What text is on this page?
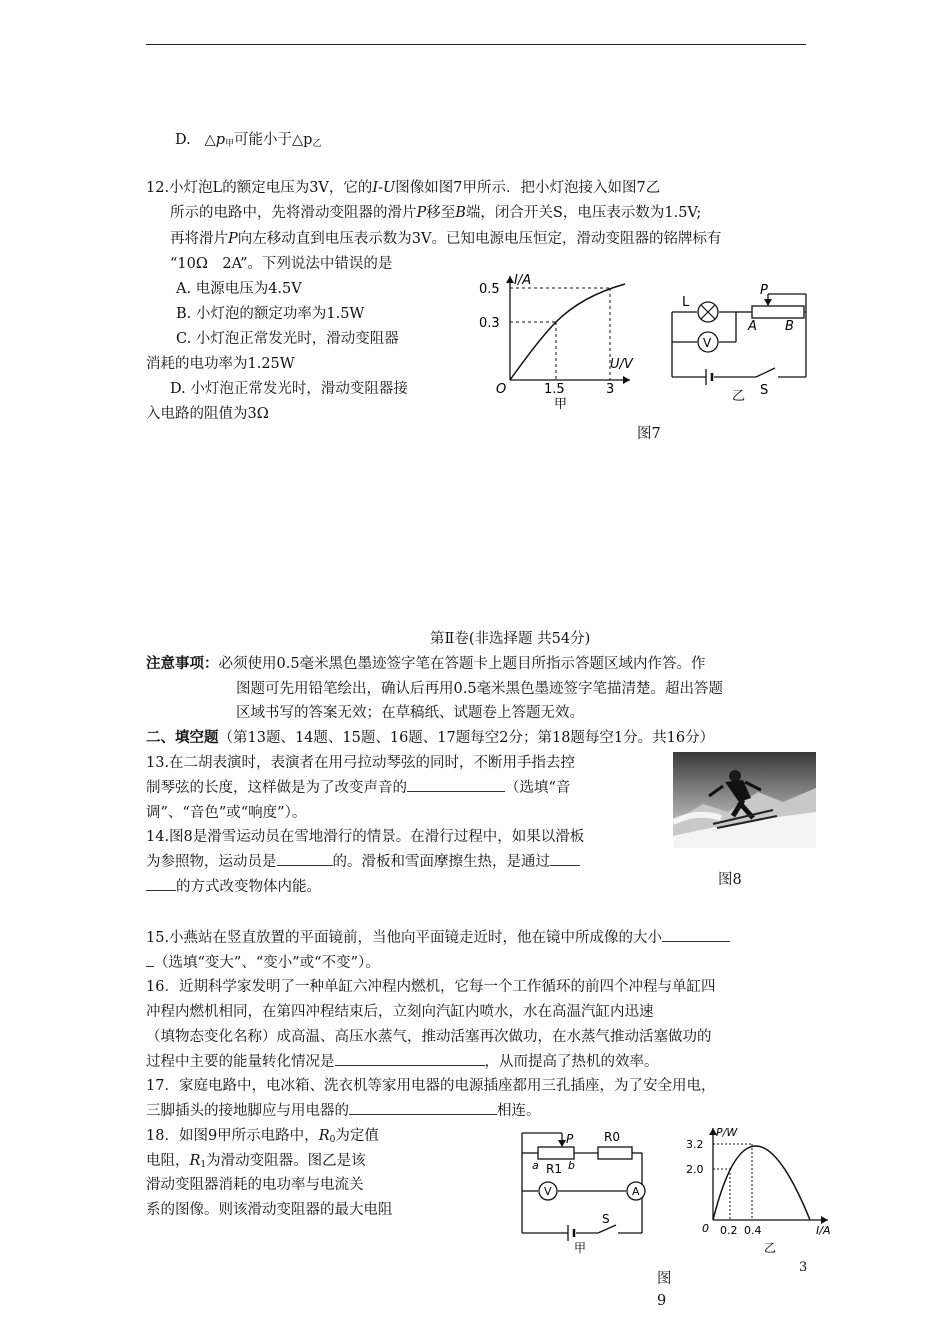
D. $\triangle p_甲$可能小于$\triangle p_乙$
12.小灯泡L的额定电压为3V，它的I-U图像如图7甲所示．把小灯泡接入如图7乙
所示的电路中，先将滑动变阻器的滑片P移至B端，闭合开关S，电压表示数为1.5V;
再将滑片P向左移动直到电压表示数为3V。已知电源电压恒定，滑动变阻器的铭牌标有
“10Ω　2A”。下列说法中错误的是
A. 电源电压为4.5V
B. 小灯泡的额定功率为1.5W
C. 小灯泡正常发光时，滑动变阻器
消耗的电功率为1.25W
D. 小灯泡正常发光时，滑动变阻器接
入电路的阻值为3Ω
I/A
U/V
O
0.5
0.3
1.5	3
甲
V
L
P
A B
S
乙
图7
第Ⅱ卷(非选择题 共54分)
注意事项：必须使用0.5毫米黑色墨迹签字笔在答题卡上题目所指示答题区域内作答。作
图题可先用铅笔绘出，确认后再用0.5毫米黑色墨迹签字笔描清楚。超出答题
区域书写的答案无效；在草稿纸、试题卷上答题无效。
二、填空题（第13题、14题、15题、16题、17题每空2分；第18题每空1分。共16分）
13.在二胡表演时，表演者在用弓拉动琴弦的同时，不断用手指去控
制琴弦的长度，这样做是为了改变声音的	（选填“音
调”、“音色”或“响度”）。
14.图8是滑雪运动员在雪地滑行的情景。在滑行过程中，如果以滑板
为参照物，运动员是	的。滑板和雪面摩擦生热，是通过
的方式改变物体内能。	图8
15.小燕站在竖直放置的平面镜前，当他向平面镜走近时，他在镜中所成像的大小
（选填“变大”、“变小”或“不变”）。
16．近期科学家发明了一种单缸六冲程内燃机，它每一个工作循环的前四个冲程与单缸四
冲程内燃机相同，在第四冲程结束后，立刻向汽缸内喷水，水在高温汽缸内迅速
（填物态变化名称）成高温、高压水蒸气，推动活塞再次做功，在水蒸气推动活塞做功的
过程中主要的能量转化情况是	，从而提高了热机的效率。
17．家庭电路中，电冰箱、洗衣机等家用电器的电源插座都用三孔插座，为了安全用电，
三脚插头的接地脚应与用电器的	相连。
18．如图9甲所示电路中，$R_0$为定值
电阻，$R_1$为滑动变阻器。图乙是该
滑动变阻器消耗的电功率与电流关
系的图像。则该滑动变阻器的最大电阻
V	A
P	R0
R1
a	b
S
甲
P/W
I/A
0
3.2
2.0
0.2 0.4
乙
图
9
3
